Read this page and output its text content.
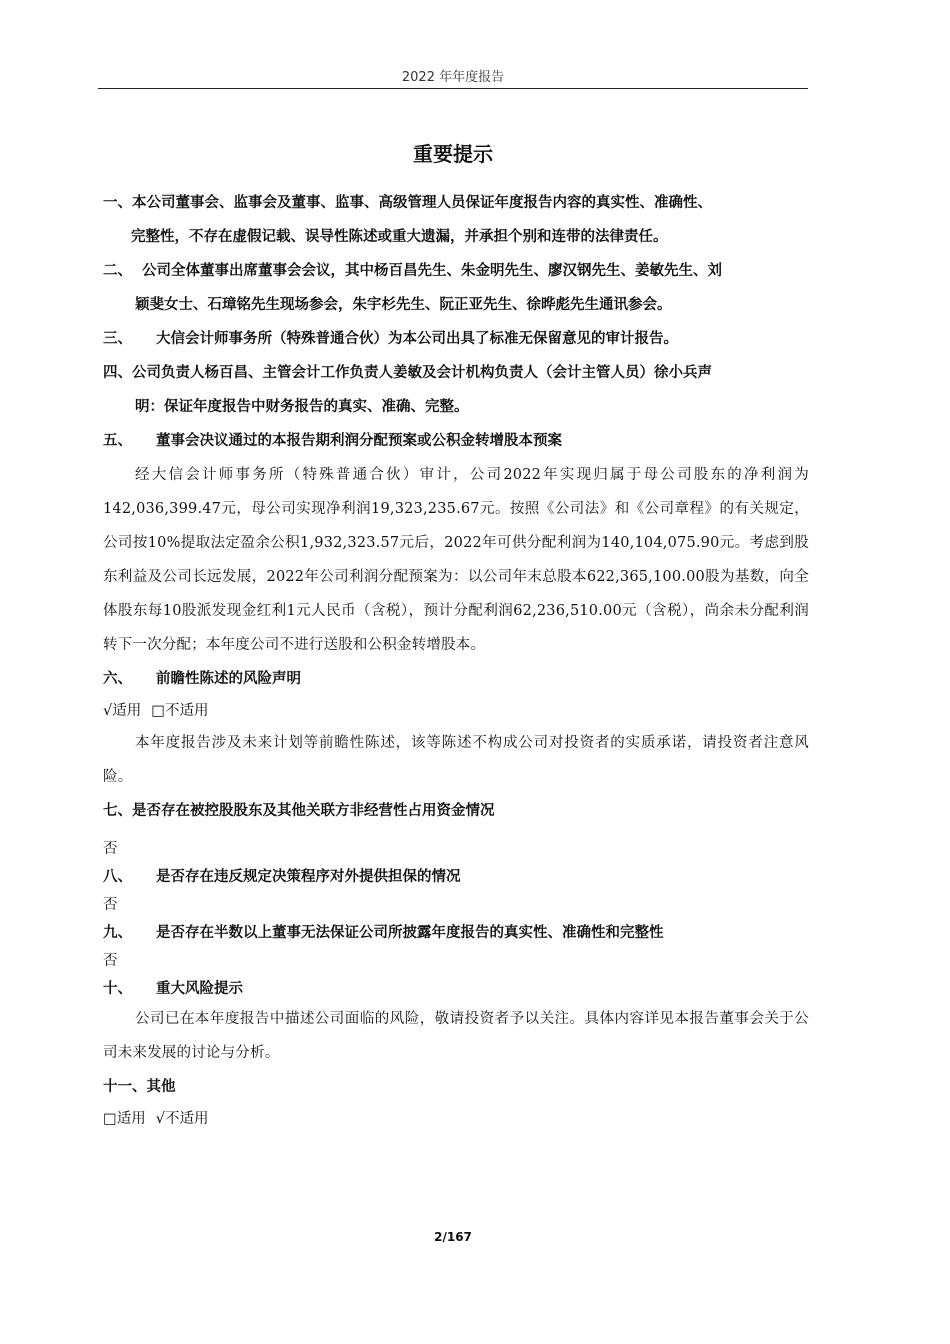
2022 年年度报告
重要提示
一、本公司董事会、监事会及董事、监事、高级管理人员保证年度报告内容的真实性、准确性、
完整性，不存在虚假记载、误导性陈述或重大遗漏，并承担个别和连带的法律责任。
二、 公司全体董事出席董事会会议，其中杨百昌先生、朱金明先生、廖汉钢先生、姜敏先生、刘
颖斐女士、石璋铭先生现场参会，朱宇杉先生、阮正亚先生、徐晔彪先生通讯参会。
三、 大信会计师事务所（特殊普通合伙）为本公司出具了标准无保留意见的审计报告。
四、公司负责人杨百昌、主管会计工作负责人姜敏及会计机构负责人（会计主管人员）徐小兵声
明：保证年度报告中财务报告的真实、准确、完整。
五、 董事会决议通过的本报告期利润分配预案或公积金转增股本预案
经大信会计师事务所（特殊普通合伙）审计，公司2022年实现归属于母公司股东的净利润为142,036,399.47元，母公司实现净利润19,323,235.67元。按照《公司法》和《公司章程》的有关规定，公司按10%提取法定盈余公积1,932,323.57元后，2022年可供分配利润为140,104,075.90元。考虑到股东利益及公司长远发展，2022年公司利润分配预案为：以公司年末总股本622,365,100.00股为基数，向全体股东每10股派发现金红利1元人民币（含税），预计分配利润62,236,510.00元（含税），尚余未分配利润转下一次分配；本年度公司不进行送股和公积金转增股本。
六、 前瞻性陈述的风险声明
√适用 □不适用
本年度报告涉及未来计划等前瞻性陈述，该等陈述不构成公司对投资者的实质承诺，请投资者注意风险。
七、是否存在被控股股东及其他关联方非经营性占用资金情况
否
八、 是否存在违反规定决策程序对外提供担保的情况
否
九、 是否存在半数以上董事无法保证公司所披露年度报告的真实性、准确性和完整性
否
十、 重大风险提示
公司已在本年度报告中描述公司面临的风险，敬请投资者予以关注。具体内容详见本报告董事会关于公司未来发展的讨论与分析。
十一、其他
□适用 √不适用
2/167
